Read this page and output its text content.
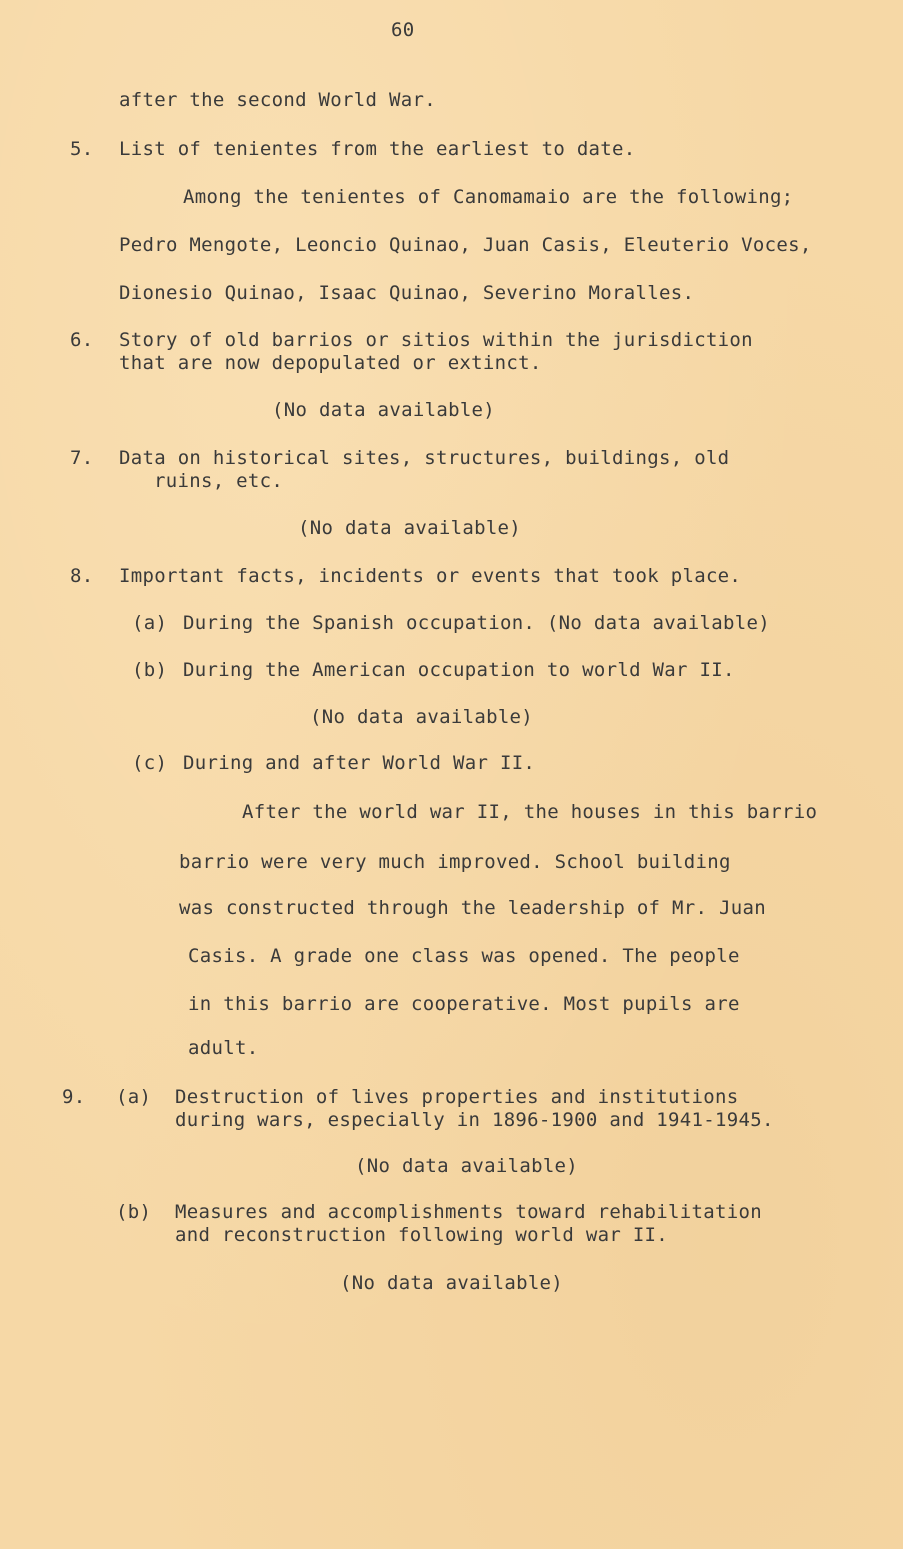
60
after the second World War.
5. List of tenientes from the earliest to date.
Among the tenientes of Canomamaio are the following;
Pedro Mengote, Leoncio Quinao, Juan Casis, Eleuterio Voces,
Dionesio Quinao, Isaac Quinao, Severino Moralles.
6. Story of old barrios or sitios within the jurisdiction
that are now depopulated or extinct.
(No data available)
7. Data on historical sites, structures, buildings, old
ruins, etc.
(No data available)
8. Important facts, incidents or events that took place.
(a) During the Spanish occupation. (No data available)
(b) During the American occupation to world War II.
(No data available)
(c) During and after World War II.
After the world war II, the houses in this barrio
barrio were very much improved. School building
was constructed through the leadership of Mr. Juan
Casis. A grade one class was opened. The people
in this barrio are cooperative. Most pupils are
adult.
9. (a) Destruction of lives properties and institutions
during wars, especially in 1896-1900 and 1941-1945.
(No data available)
(b) Measures and accomplishments toward rehabilitation
and reconstruction following world war II.
(No data available)
